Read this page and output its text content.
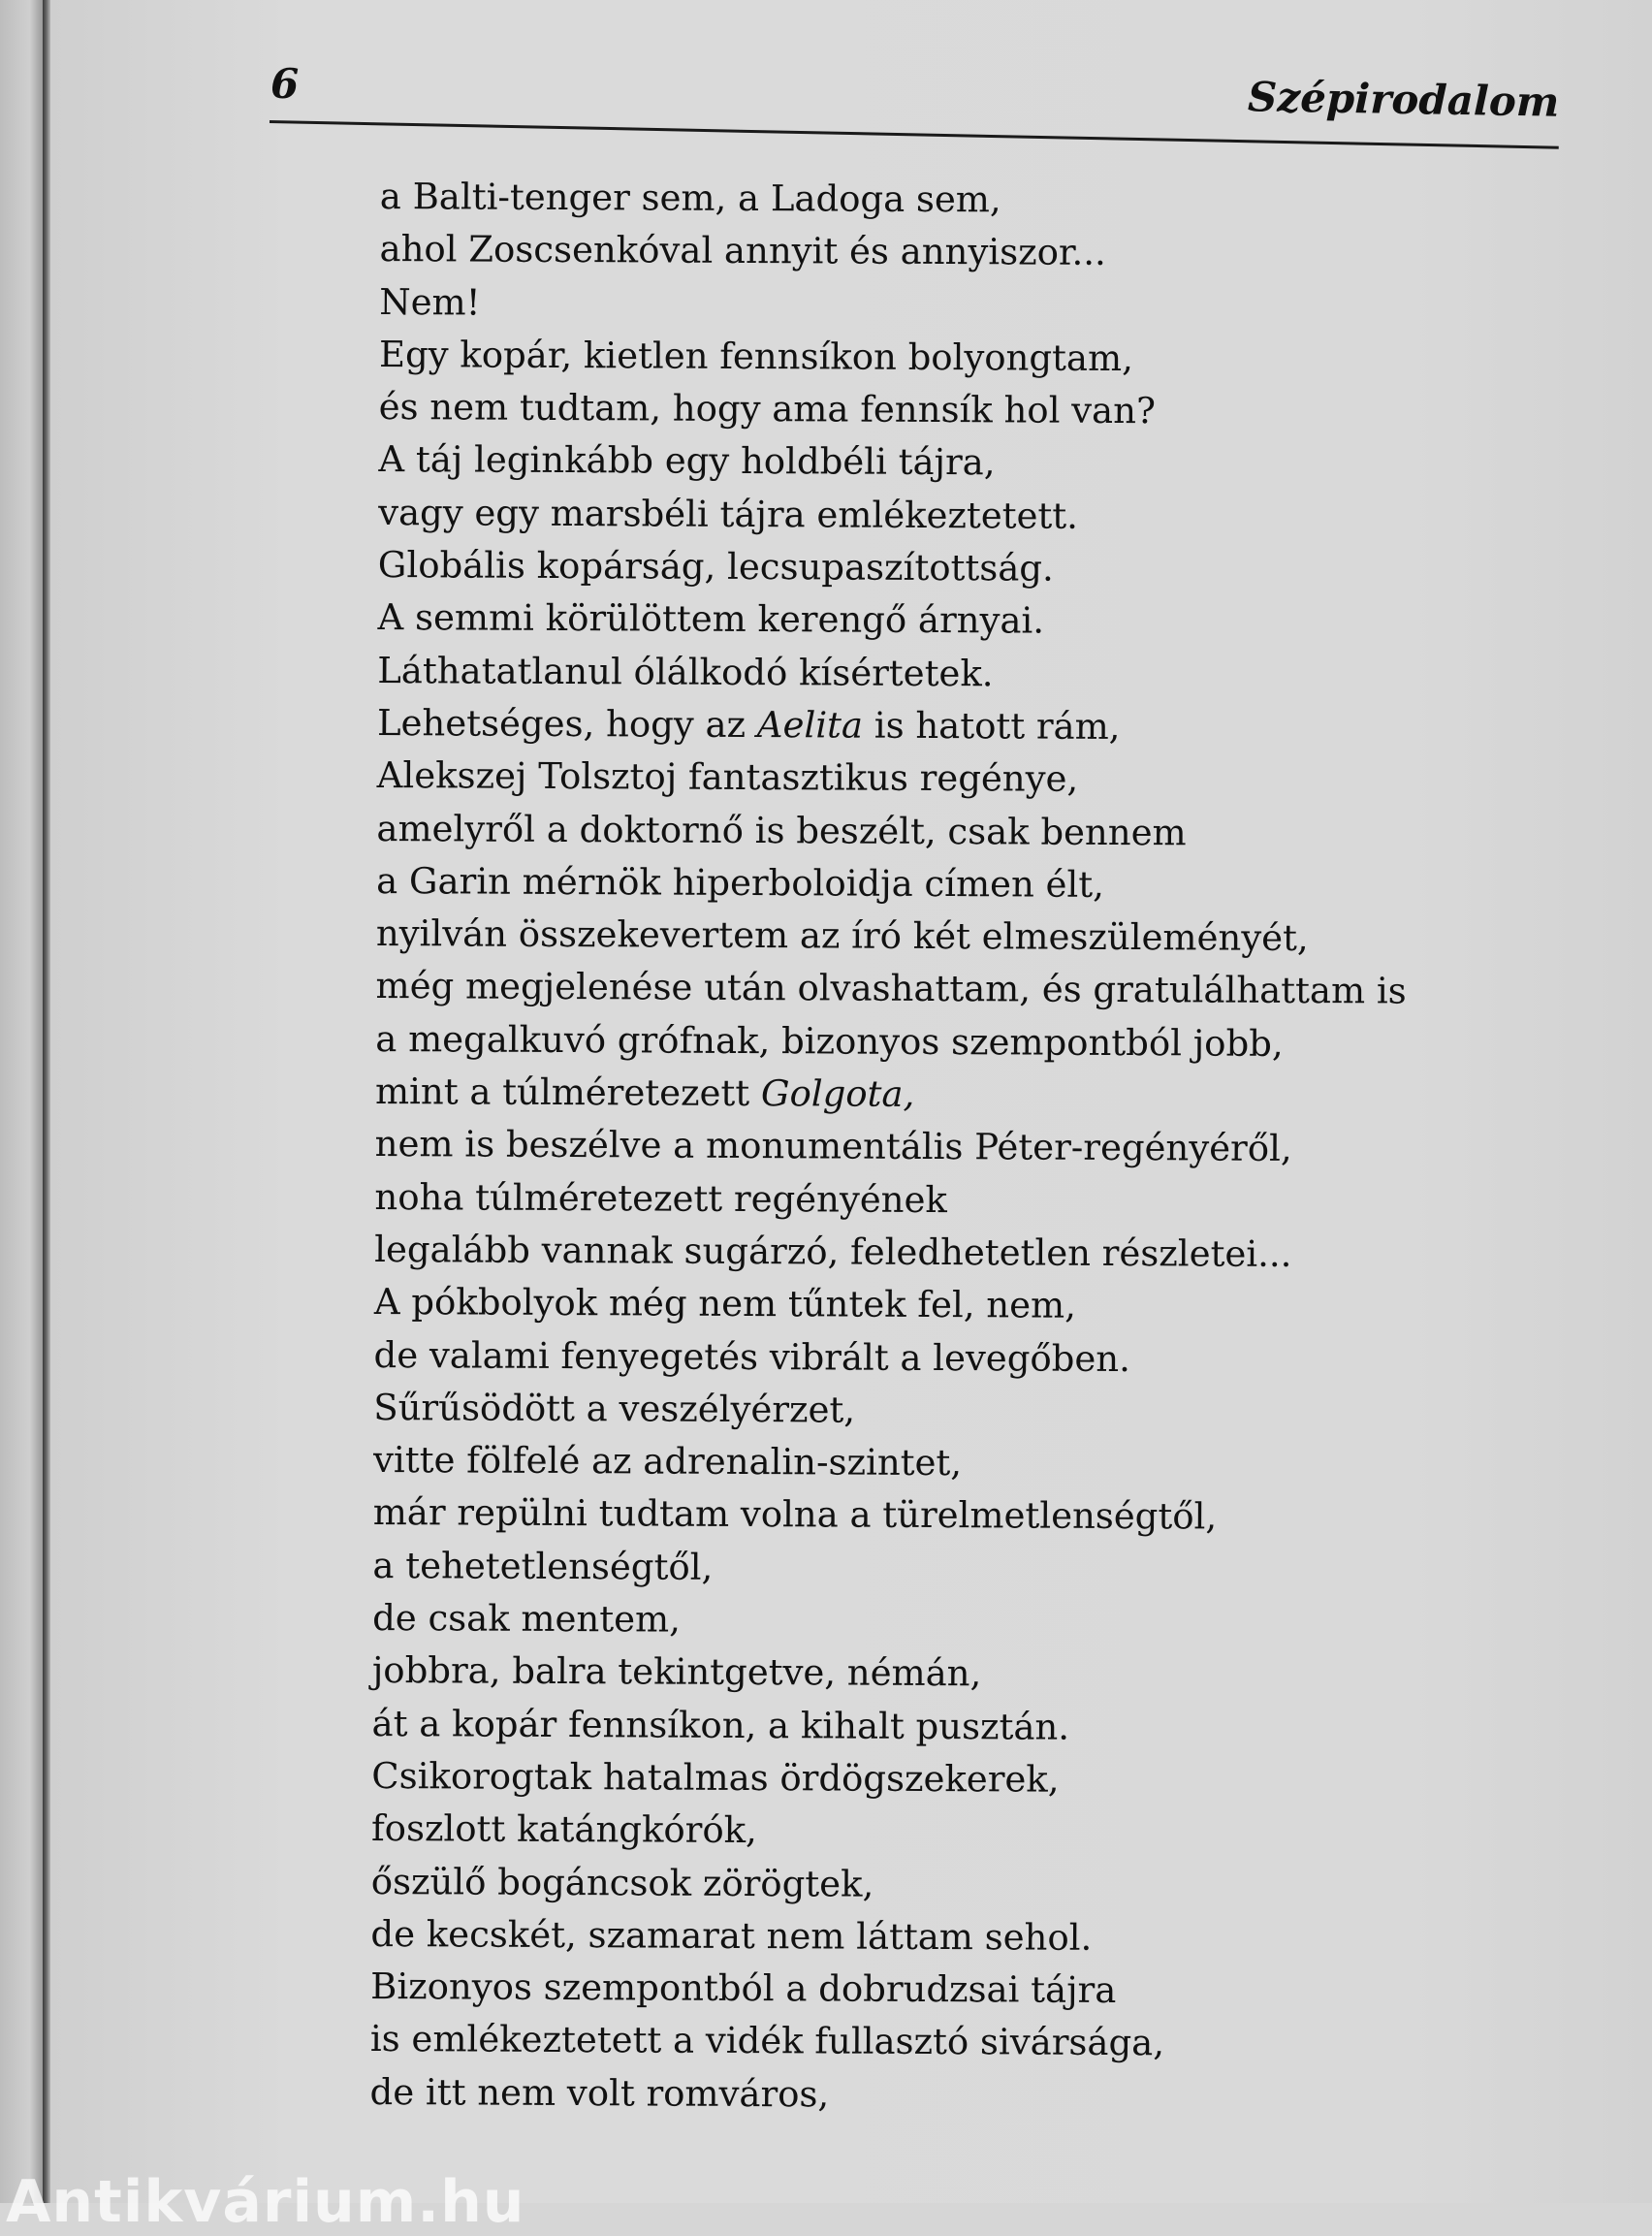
6	Szépirodalom
a Balti-tenger sem, a Ladoga sem,
ahol Zoscsenkóval annyit és annyiszor...
Nem!
Egy kopár, kietlen fennsíkon bolyongtam,
és nem tudtam, hogy ama fennsík hol van?
A táj leginkább egy holdbéli tájra,
vagy egy marsbéli tájra emlékeztetett.
Globális kopárság, lecsupaszítottság.
A semmi körülöttem kerengő árnyai.
Láthatatlanul ólálkodó kísértetek.
Lehetséges, hogy az Aelita is hatott rám,
Alekszej Tolsztoj fantasztikus regénye,
amelyről a doktornő is beszélt, csak bennem
a Garin mérnök hiperboloidja címen élt,
nyilván összekevertem az író két elmeszüleményét,
még megjelenése után olvashattam, és gratulálhattam is
a megalkuvó grófnak, bizonyos szempontból jobb,
mint a túlméretezett Golgota,
nem is beszélve a monumentális Péter-regényéről,
noha túlméretezett regényének
legalább vannak sugárzó, feledhetetlen részletei...
A pókbolyok még nem tűntek fel, nem,
de valami fenyegetés vibrált a levegőben.
Sűrűsödött a veszélyérzet,
vitte fölfelé az adrenalin-szintet,
már repülni tudtam volna a türelmetlenségtől,
a tehetetlenségtől,
de csak mentem,
jobbra, balra tekintgetve, némán,
át a kopár fennsíkon, a kihalt pusztán.
Csikorogtak hatalmas ördögszekerek,
foszlott katángkórók,
őszülő bogáncsok zörögtek,
de kecskét, szamarat nem láttam sehol.
Bizonyos szempontból a dobrudzsai tájra
is emlékeztetett a vidék fullasztó sivársága,
de itt nem volt romváros,
Antikvárium.hu
